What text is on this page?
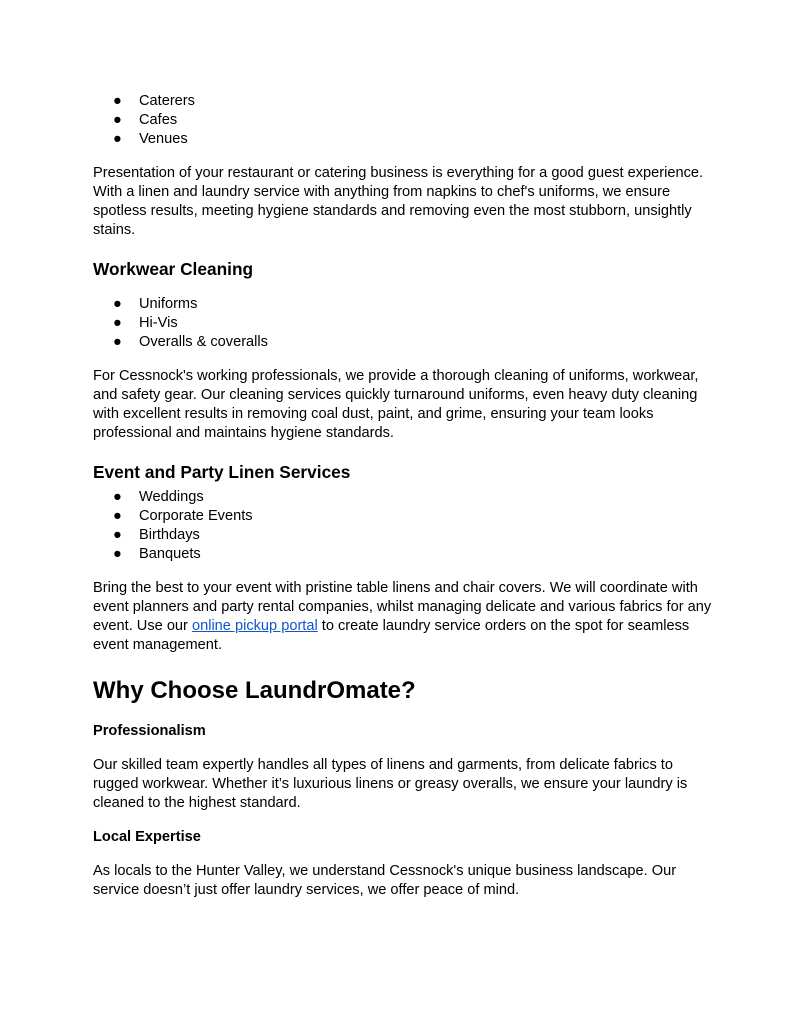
● Caterers
● Cafes
● Venues

Presentation of your restaurant or catering business is everything for a good guest experience. With a linen and laundry service with anything from napkins to chef's uniforms, we ensure spotless results, meeting hygiene standards and removing even the most stubborn, unsightly stains.

Workwear Cleaning
● Uniforms
● Hi-Vis
● Overalls & coveralls

For Cessnock's working professionals, we provide a thorough cleaning of uniforms, workwear, and safety gear. Our cleaning services quickly turnaround uniforms, even heavy duty cleaning with excellent results in removing coal dust, paint, and grime, ensuring your team looks professional and maintains hygiene standards.

Event and Party Linen Services
● Weddings
● Corporate Events
● Birthdays
● Banquets

Bring the best to your event with pristine table linens and chair covers. We will coordinate with event planners and party rental companies, whilst managing delicate and various fabrics for any event. Use our online pickup portal to create laundry service orders on the spot for seamless event management.

Why Choose LaundrOmate?
Professionalism

Our skilled team expertly handles all types of linens and garments, from delicate fabrics to rugged workwear. Whether it’s luxurious linens or greasy overalls, we ensure your laundry is cleaned to the highest standard.

Local Expertise

As locals to the Hunter Valley, we understand Cessnock's unique business landscape. Our service doesn’t just offer laundry services, we offer peace of mind.
